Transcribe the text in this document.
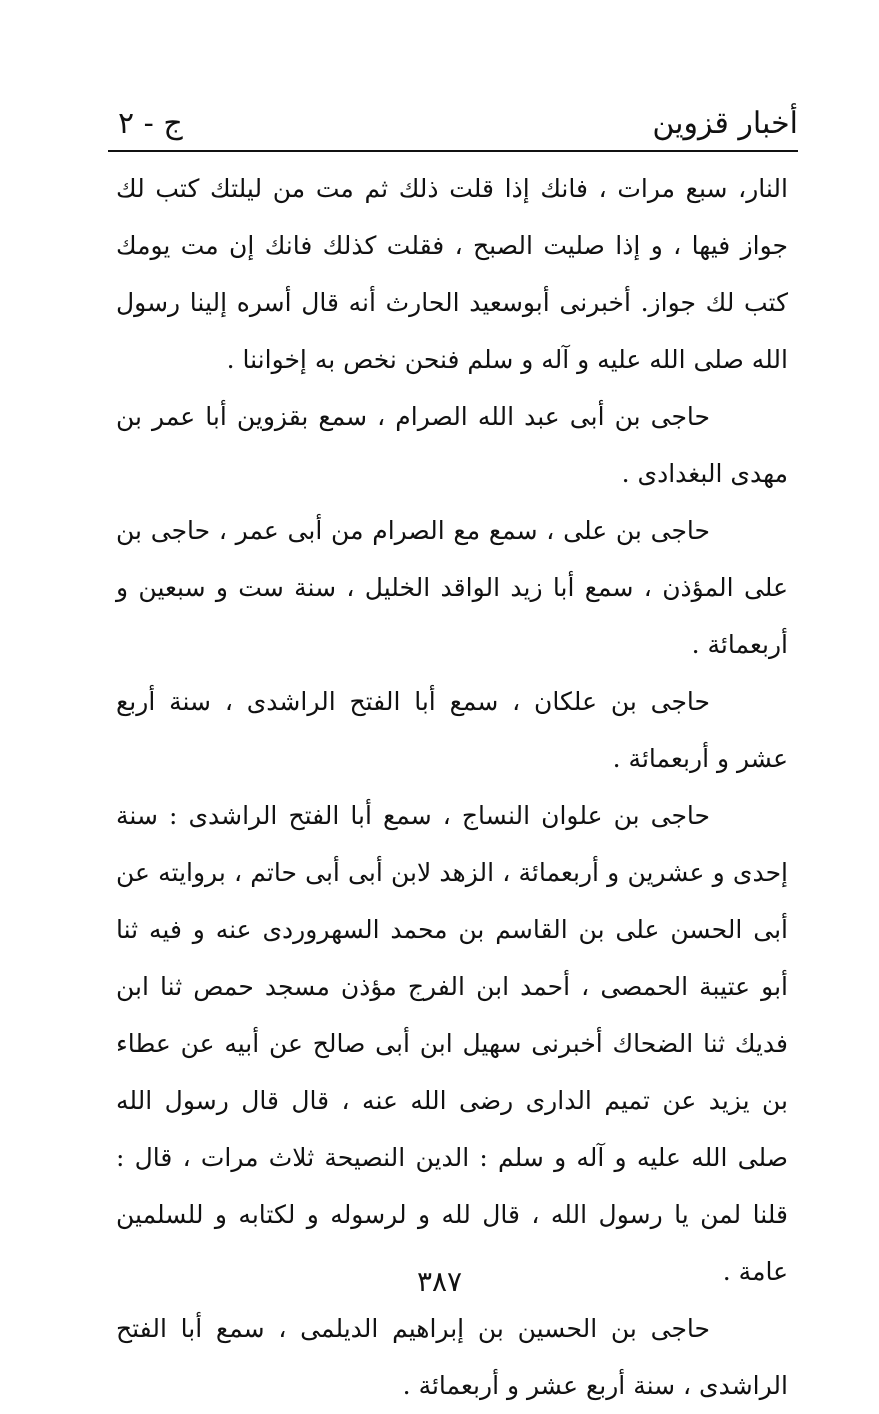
أخبار قزوين
ج - ٢

النار، سبع مرات ، فانك إذا قلت ذلك ثم مت من ليلتك كتب لك جواز فيها ، و إذا صليت الصبح ، فقلت كذلك فانك إن مت يومك كتب لك جواز. أخبرنى أبوسعيد الحارث أنه قال أسره إلينا رسول الله صلى الله عليه و آله و سلم فنحن نخص به إخواننا .

حاجى بن أبى عبد الله الصرام ، سمع بقزوين أبا عمر بن مهدى البغدادى .

حاجى بن على ، سمع مع الصرام من أبى عمر ، حاجى بن على المؤذن ، سمع أبا زيد الواقد الخليل ، سنة ست و سبعين و أربعمائة .

حاجى بن علكان ، سمع أبا الفتح الراشدى ، سنة أربع عشر و أربعمائة .

حاجى بن علوان النساج ، سمع أبا الفتح الراشدى : سنة إحدى و عشرين و أربعمائة ، الزهد لابن أبى أبى حاتم ، بروايته عن أبى الحسن على بن القاسم بن محمد السهروردى عنه و فيه ثنا أبو عتيبة الحمصى ، أحمد ابن الفرج مؤذن مسجد حمص ثنا ابن فديك ثنا الضحاك أخبرنى سهيل ابن أبى صالح عن أبيه عن عطاء بن يزيد عن تميم الدارى رضى الله عنه ، قال قال رسول الله صلى الله عليه و آله و سلم : الدين النصيحة ثلاث مرات ، قال : قلنا لمن يا رسول الله ، قال لله و لرسوله و لكتابه و للسلمين عامة .

حاجى بن الحسين بن إبراهيم الديلمى ، سمع أبا الفتح الراشدى ، سنة أربع عشر و أربعمائة .

٣٨٧
